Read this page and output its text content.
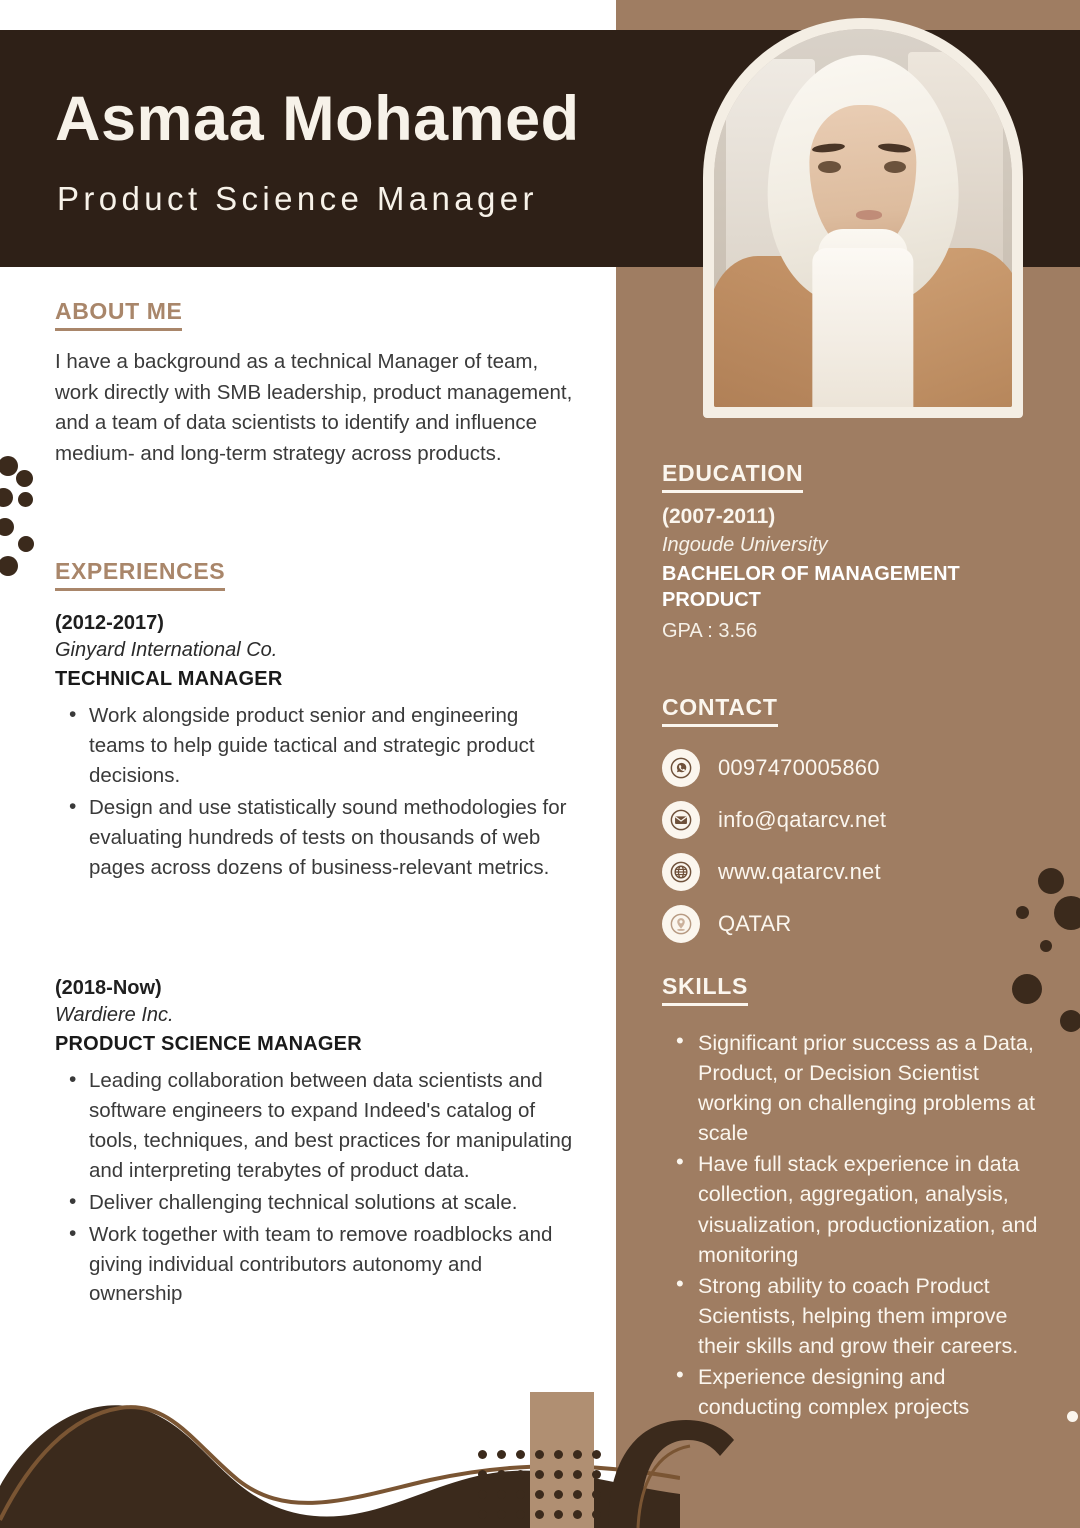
Asmaa Mohamed
Product Science Manager
ABOUT ME
I have a background as a technical Manager of team, work directly with SMB leadership, product management, and a team of data scientists to identify and influence medium- and long-term strategy across products.
EXPERIENCES
(2012-2017)
Ginyard International Co.
TECHNICAL MANAGER
• Work alongside product senior and engineering teams to help guide tactical and strategic product decisions.
• Design and use statistically sound methodologies for evaluating hundreds of tests on thousands of web pages across dozens of business-relevant metrics.
(2018-Now)
Wardiere Inc.
PRODUCT SCIENCE MANAGER
• Leading collaboration between data scientists and software engineers to expand Indeed's catalog of tools, techniques, and best practices for manipulating and interpreting terabytes of product data.
• Deliver challenging technical solutions at scale.
• Work together with team to remove roadblocks and giving individual contributors autonomy and ownership
EDUCATION
(2007-2011)
Ingoude University
BACHELOR OF MANAGEMENT PRODUCT
GPA : 3.56
CONTACT
0097470005860
info@qatarcv.net
www.qatarcv.net
QATAR
SKILLS
• Significant prior success as a Data, Product, or Decision Scientist working on challenging problems at scale
• Have full stack experience in data collection, aggregation, analysis, visualization, productionization, and monitoring
• Strong ability to coach Product Scientists, helping them improve their skills and grow their careers.
• Experience designing and conducting complex projects
